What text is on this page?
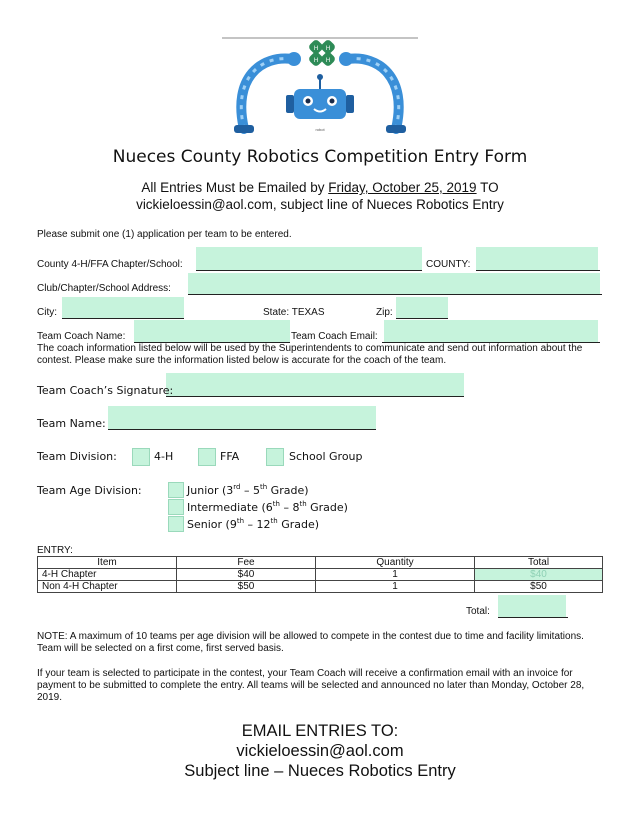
H H
H H
robot
Nueces County Robotics Competition Entry Form
All Entries Must be Emailed by Friday, October 25, 2019 TO
vickieloessin@aol.com, subject line of Nueces Robotics Entry
Please submit one (1) application per team to be entered.
County 4-H/FFA Chapter/School:	COUNTY:
Club/Chapter/School Address:
City:	State: TEXAS	Zip:
Team Coach Name:	Team Coach Email:
The coach information listed below will be used by the Superintendents to communicate and send out information about the contest. Please make sure the information listed below is accurate for the coach of the team.
Team Coach’s Signature:
Team Name:
Team Division:	4-H	FFA	School Group
Team Age Division:	Junior (3rd – 5th Grade)
Intermediate (6th – 8th Grade)
Senior (9th – 12th Grade)
ENTRY:
Item	Fee	Quantity	Total
4-H Chapter	$40	1	$40
Non 4-H Chapter	$50	1	$50
Total:
NOTE: A maximum of 10 teams per age division will be allowed to compete in the contest due to time and facility limitations. Team will be selected on a first come, first served basis.
If your team is selected to participate in the contest, your Team Coach will receive a confirmation email with an invoice for payment to be submitted to complete the entry. All teams will be selected and announced no later than Monday, October 28, 2019.
EMAIL ENTRIES TO:
vickieloessin@aol.com
Subject line – Nueces Robotics Entry
